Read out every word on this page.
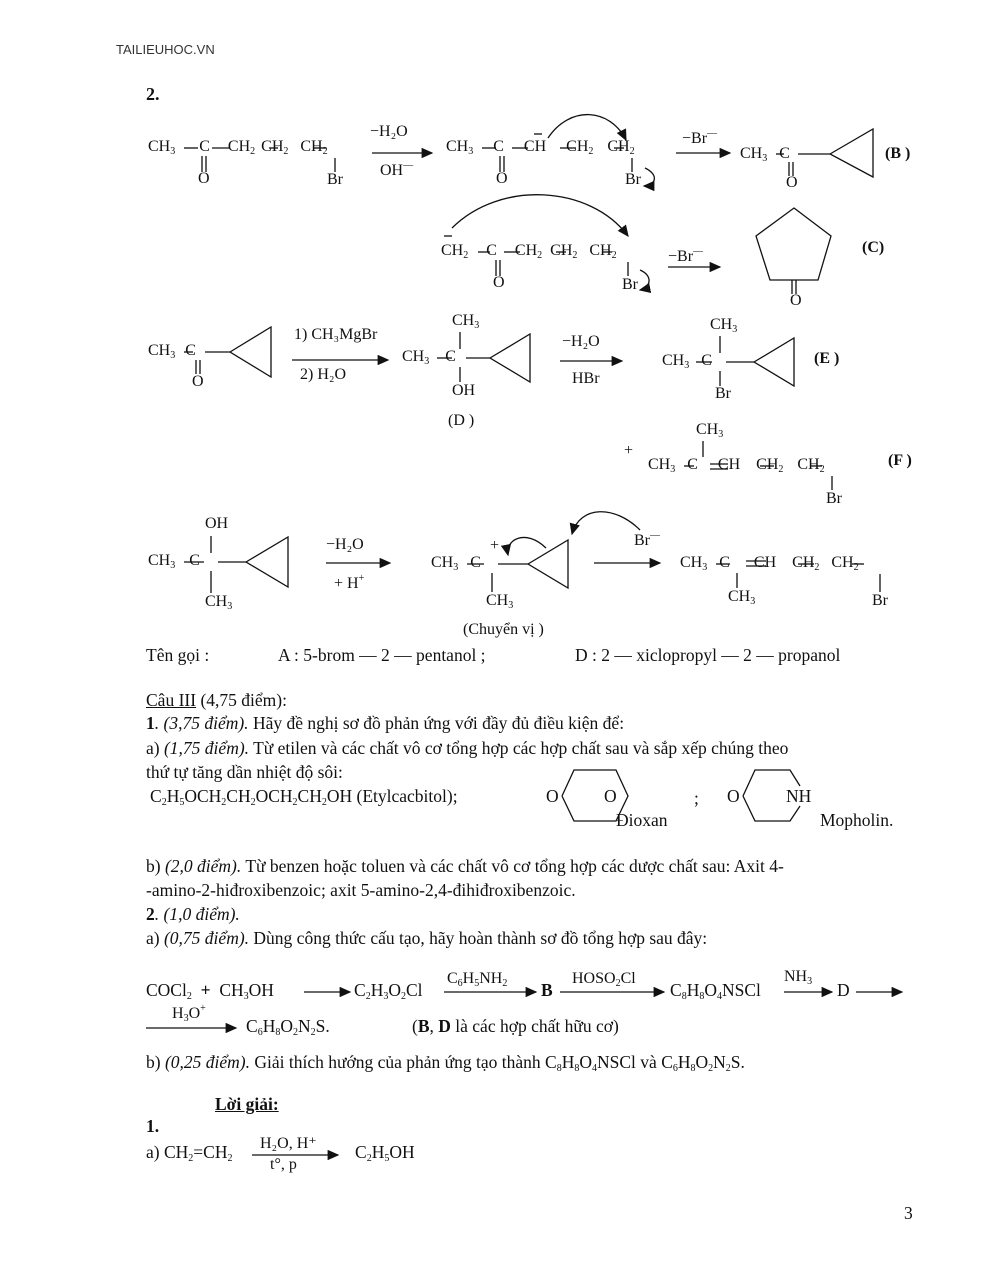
TAILIEUHOC.VN
2.
$CH_3$ C $CH_2$ $CH_2$ $CH_2$
O	Br
−H₂O
OH—
$CH_3$ C CH $CH_2$ $CH_2$
O	Br
−Br—
$CH_3$ C
O
(B )
$CH_2$ C $CH_2$ $CH_2$ $CH_2$
O	Br
−Br—
O
(C)
$CH_3$ C
O
1) CH₃MgBr
2) H₂O
$CH_3$
$CH_3$ C
OH
(D )
−H₂O
HBr
$CH_3$
$CH_3$ C
Br
(E )
+
$CH_3$
$CH_3$ C CH $CH_2$ $CH_2$
Br
(F )
OH
$CH_3$ C
$CH_3$
−H₂O
+ H+
+
$CH_3$ C
$CH_3$
Br—
$CH_3$ C CH $CH_2$ $CH_2$
$CH_3$	Br
(Chuyển vị )
Tên gọi :	A : 5-brom — 2 — pentanol ;	D : 2 — xiclopropyl — 2 — propanol
Câu III (4,75 điểm):
1. (3,75 điểm). Hãy đề nghị sơ đồ phản ứng với đầy đủ điều kiện để:
a) (1,75 điểm). Từ etilen và các chất vô cơ tổng hợp các hợp chất sau và sắp xếp chúng theo
thứ tự tăng dần nhiệt độ sôi:
$C_2H_5OCH_2CH_2OCH_2CH_2OH$ (Etylcacbitol);	O	O
Đioxan
; O	NH
Mopholin.
b) (2,0 điểm). Từ benzen hoặc toluen và các chất vô cơ tổng hợp các dược chất sau: Axit 4-
-amino-2-hiđroxibenzoic; axit 5-amino-2,4-đihiđroxibenzoic.
2. (1,0 điểm).
a) (0,75 điểm). Dùng công thức cấu tạo, hãy hoàn thành sơ đồ tổng hợp sau đây:
COCl$_2$ +  $CH_3OH$	$C_2H_3O_2Cl$
$C_6H_5NH_2$ B
$HOSO_2Cl$
$C_8H_8O_4NSCl$
$NH_3$ D
$H_3O^+$
$C_6H_8O_2N_2S$.	(B, D là các hợp chất hữu cơ)
b) (0,25 điểm). Giải thích hướng của phản ứng tạo thành $C_8H_8O_4NSCl$ và $C_6H_8O_2N_2S$.
Lời giải:
1.
a) $CH_2=CH_2$
H₂O, H⁺
t°, p
$C_2H_5OH$
3
